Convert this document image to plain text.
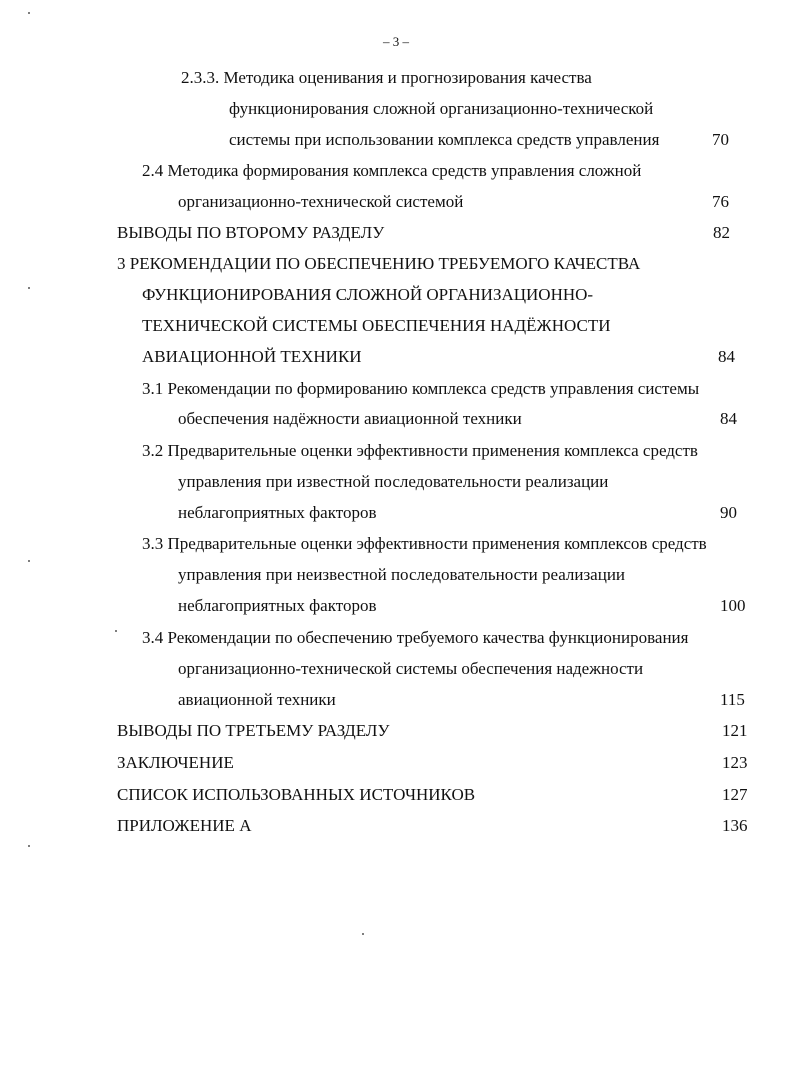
– 3 –
2.3.3. Методика оценивания и прогнозирования качества
функционирования сложной организационно-технической
системы при использовании комплекса средств управления	70
2.4 Методика формирования комплекса средств управления сложной
организационно-технической системой	76
ВЫВОДЫ ПО ВТОРОМУ РАЗДЕЛУ	82
3 РЕКОМЕНДАЦИИ ПО ОБЕСПЕЧЕНИЮ ТРЕБУЕМОГО КАЧЕСТВА
ФУНКЦИОНИРОВАНИЯ СЛОЖНОЙ ОРГАНИЗАЦИОННО-
ТЕХНИЧЕСКОЙ СИСТЕМЫ ОБЕСПЕЧЕНИЯ НАДЁЖНОСТИ
АВИАЦИОННОЙ ТЕХНИКИ	84
3.1 Рекомендации по формированию комплекса средств управления системы
обеспечения надёжности авиационной техники	84
3.2 Предварительные оценки эффективности применения комплекса средств
управления при известной последовательности реализации
неблагоприятных факторов	90
3.3 Предварительные оценки эффективности применения комплексов средств
управления при неизвестной последовательности реализации
неблагоприятных факторов	100
3.4 Рекомендации по обеспечению требуемого качества функционирования
организационно-технической системы обеспечения надежности
авиационной техники	115
ВЫВОДЫ ПО ТРЕТЬЕМУ РАЗДЕЛУ	121
ЗАКЛЮЧЕНИЕ	123
СПИСОК ИСПОЛЬЗОВАННЫХ ИСТОЧНИКОВ	127
ПРИЛОЖЕНИЕ А	136
